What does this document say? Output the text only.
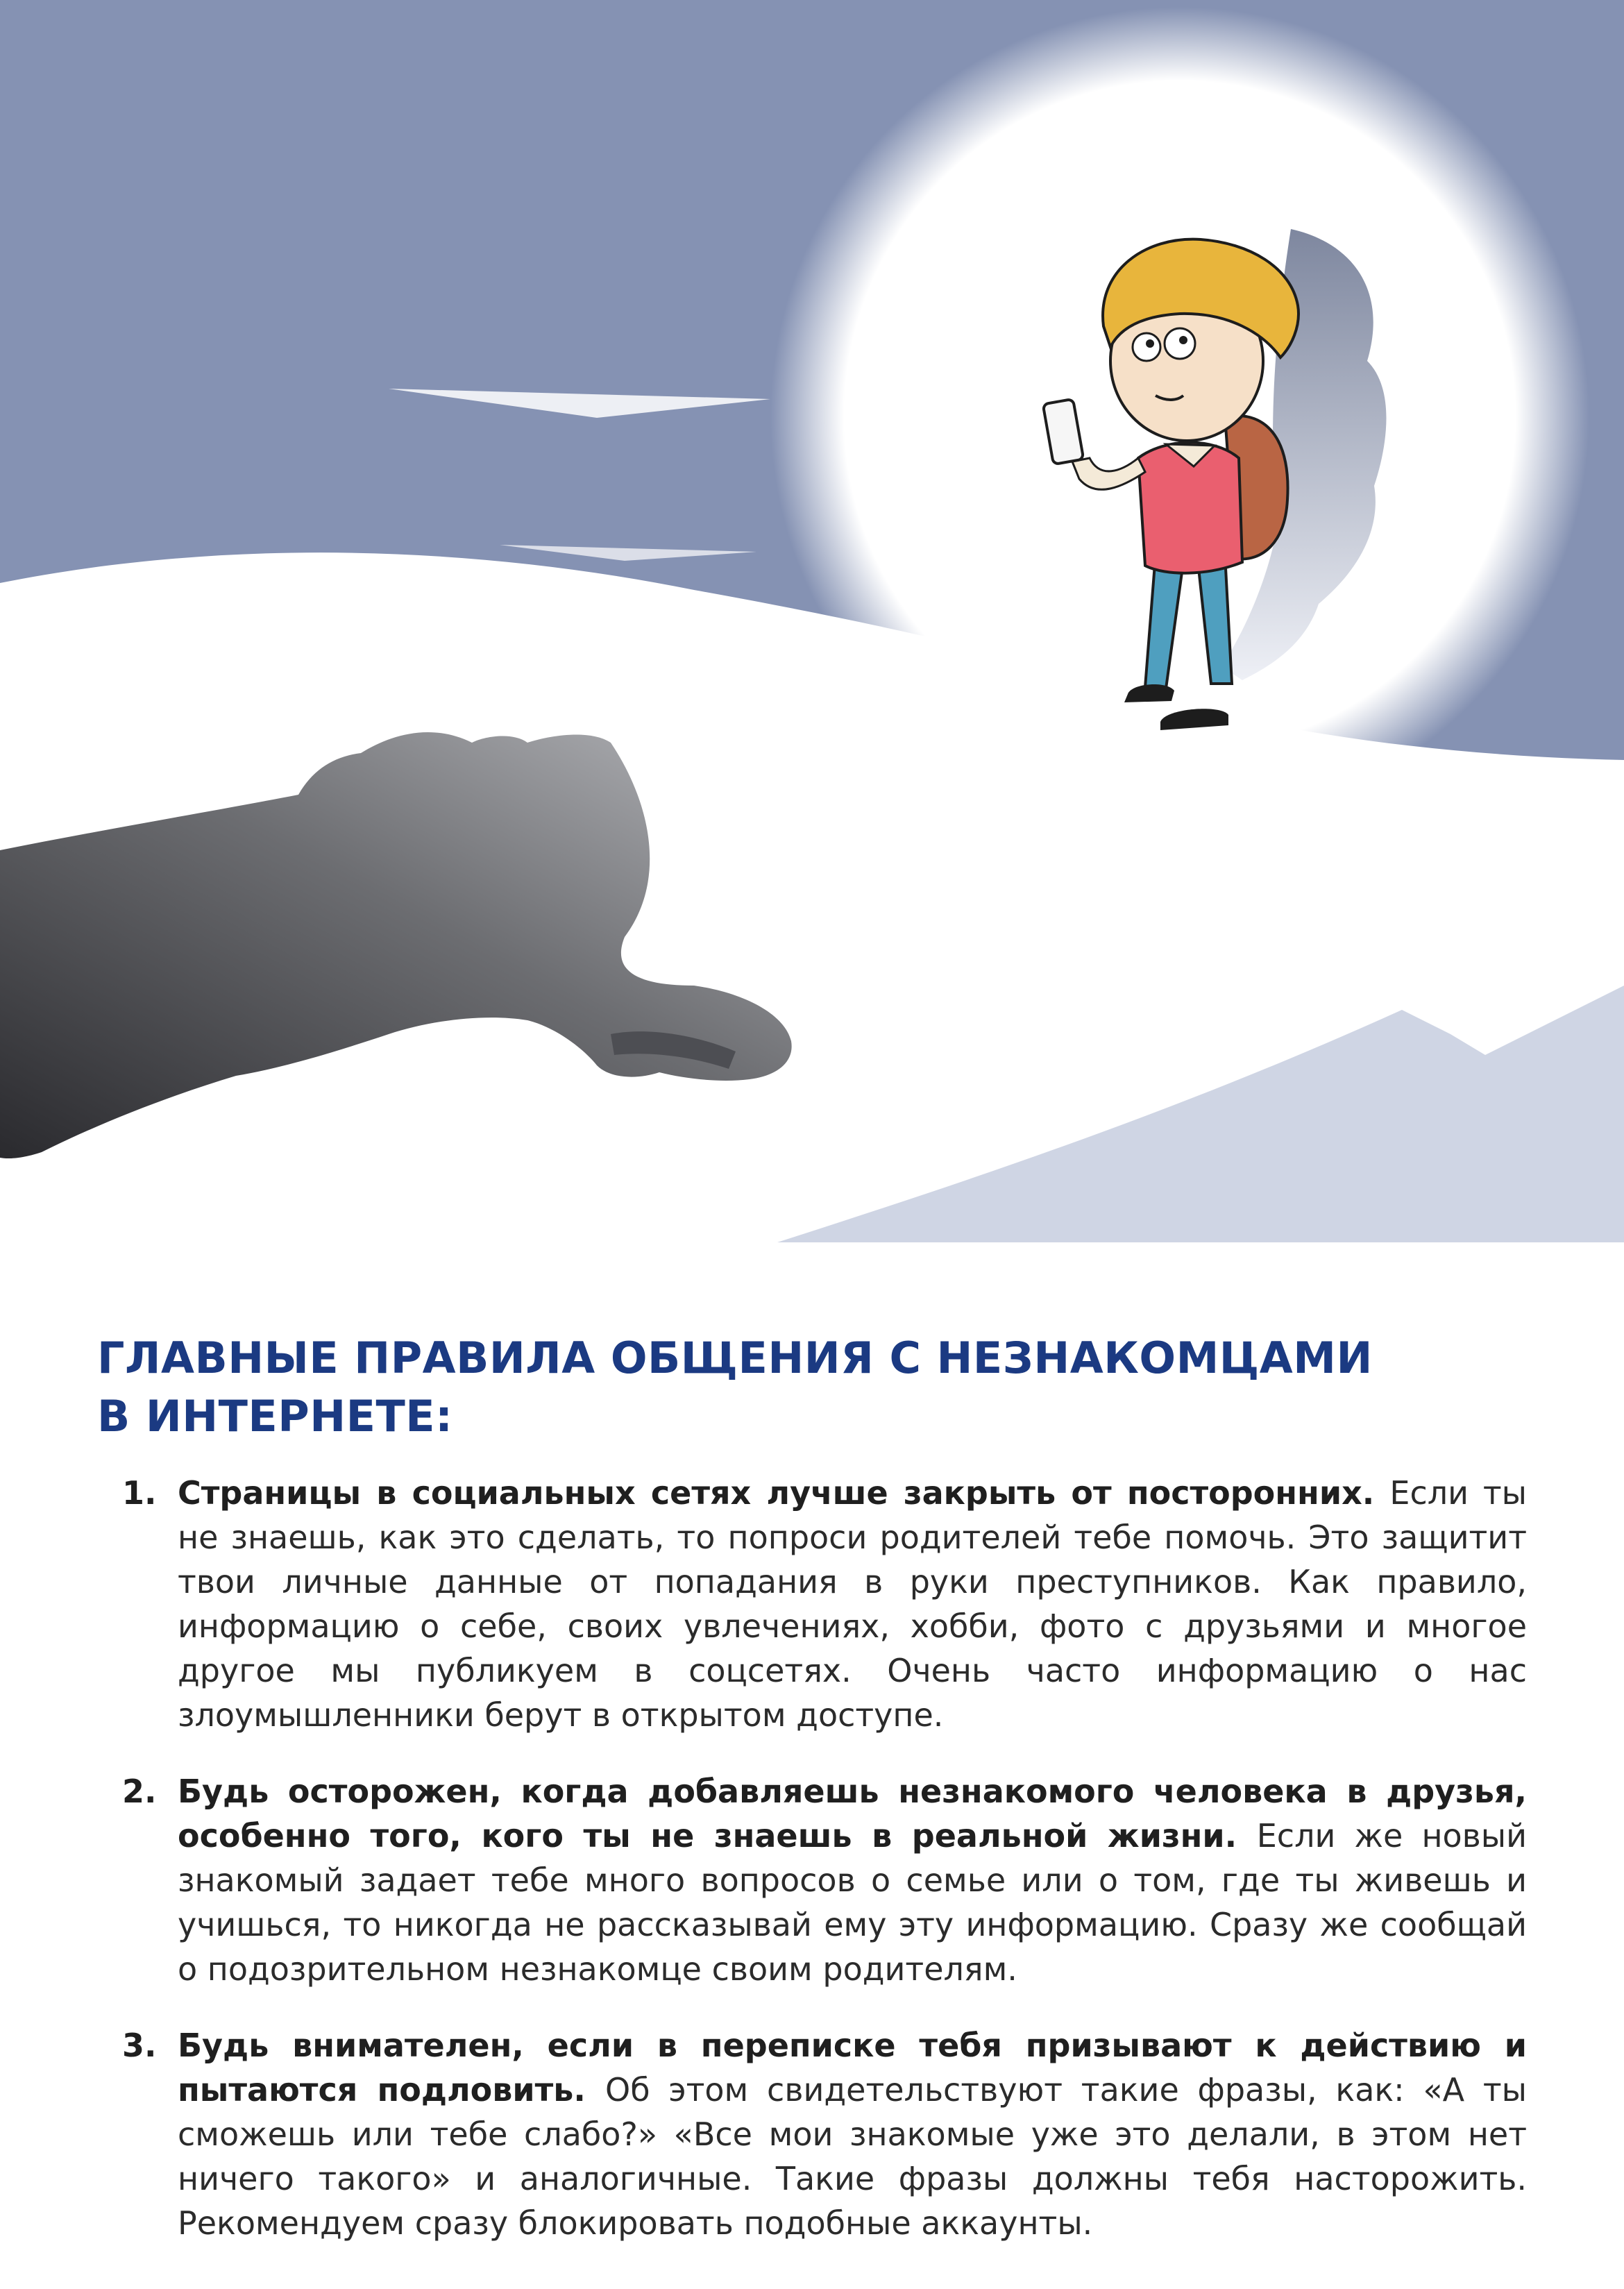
ГЛАВНЫЕ ПРАВИЛА ОБЩЕНИЯ С НЕЗНАКОМЦАМИ
В ИНТЕРНЕТЕ:
1. Страницы в социальных сетях лучше закрыть от посторонних. Если ты не знаешь, как это сделать, то попроси родителей тебе помочь. Это защитит твои личные данные от попадания в руки преступников. Как правило, информацию о себе, своих увлечениях, хобби, фото с друзьями и многое другое мы публикуем в соцсетях. Очень часто информацию о нас злоумышленники берут в открытом доступе.
2. Будь осторожен, когда добавляешь незнакомого человека в друзья, особенно того, кого ты не знаешь в реальной жизни. Если же новый знакомый задает тебе много вопросов о семье или о том, где ты живешь и учишься, то никогда не рассказывай ему эту информацию. Сразу же сообщай о подозрительном незнакомце своим родителям.
3. Будь внимателен, если в переписке тебя призывают к действию и пытаются подловить. Об этом свидетельствуют такие фразы, как: «А ты сможешь или тебе слабо?» «Все мои знакомые уже это делали, в этом нет ничего такого» и аналогичные. Такие фразы должны тебя насторожить. Рекомендуем сразу блокировать подобные аккаунты.
